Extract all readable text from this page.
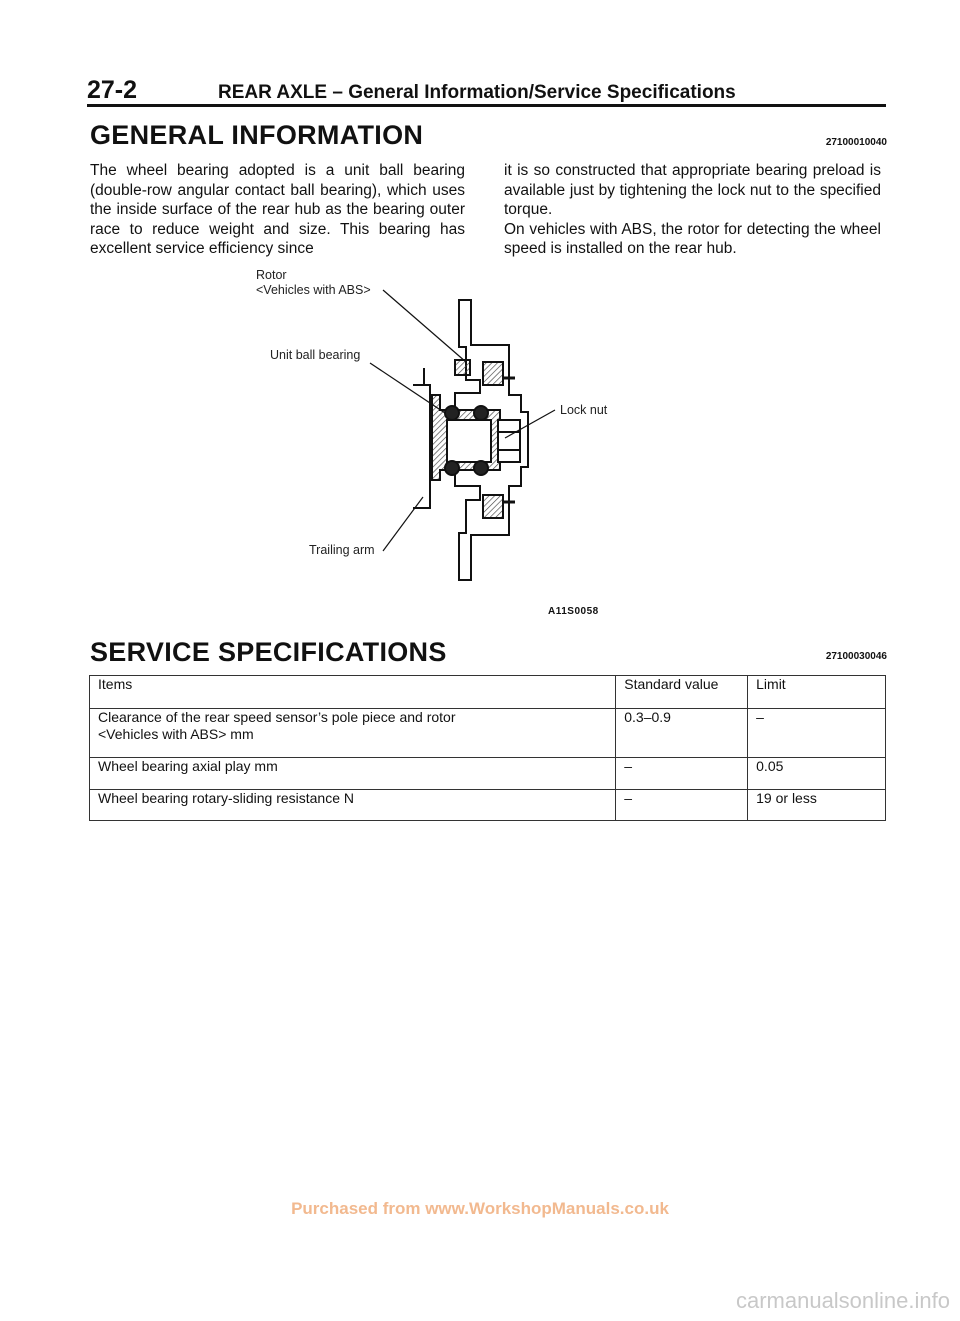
27-2	REAR AXLE – General Information/Service Specifications
GENERAL INFORMATION	27100010040

The wheel bearing adopted is a unit ball bearing (double-row angular contact ball bearing), which uses the inside surface of the rear hub as the bearing outer race to reduce weight and size. This bearing has excellent service efficiency since

it is so constructed that appropriate bearing preload is available just by tightening the lock nut to the specified torque.

On vehicles with ABS, the rotor for detecting the wheel speed is installed on the rear hub.

Rotor
<Vehicles with ABS>
Unit ball bearing
Lock nut
Trailing arm
A11S0058
SERVICE SPECIFICATIONS	27100030046
Items	Standard value	Limit

Clearance of the rear speed sensor’s pole piece and rotor
<Vehicles with ABS> mm	0.3–0.9	–
Wheel bearing axial play mm	–	0.05
Wheel bearing rotary-sliding resistance N	–	19 or less
Purchased from www.WorkshopManuals.co.uk
carmanualsonline.info
